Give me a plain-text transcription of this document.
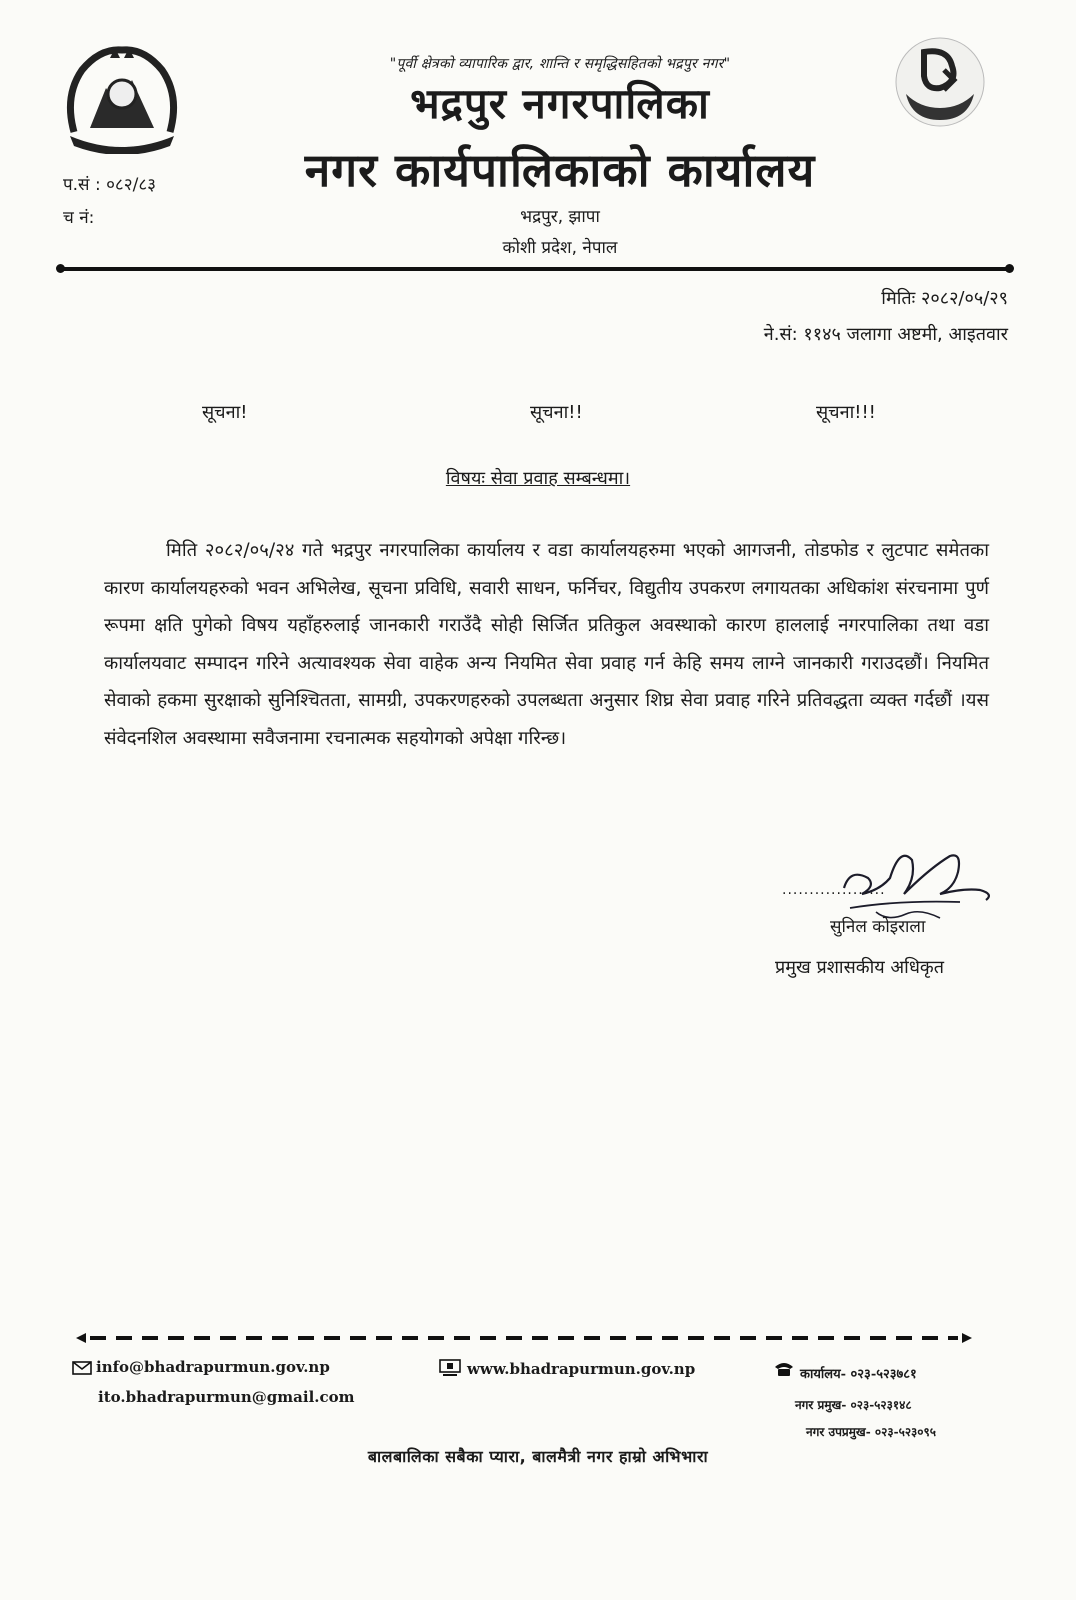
~~~~~
प.सं : ०८२/८३
च नं:
"पूर्वी क्षेत्रको व्यापारिक द्वार, शान्ति र समृद्धिसहितको भद्रपुर नगर"
भद्रपुर नगरपालिका
नगर कार्यपालिकाको कार्यालय
भद्रपुर, झापा
कोशी प्रदेश, नेपाल
मितिः २०८२/०५/२९
ने.सं: ११४५ जलागा अष्टमी, आइतवार
सूचना!	सूचना!!	सूचना!!!
विषयः सेवा प्रवाह सम्बन्धमा।

मिति २०८२/०५/२४ गते भद्रपुर नगरपालिका कार्यालय र वडा कार्यालयहरुमा भएको आगजनी, तोडफोड र लुटपाट समेतका कारण कार्यालयहरुको भवन अभिलेख, सूचना प्रविधि, सवारी साधन, फर्निचर, विद्युतीय उपकरण लगायतका अधिकांश संरचनामा पुर्ण रूपमा क्षति पुगेको विषय यहाँहरुलाई जानकारी गराउँदै सोही सिर्जित प्रतिकुल अवस्थाको कारण हाललाई नगरपालिका तथा वडा कार्यालयवाट सम्पादन गरिने अत्यावश्यक सेवा वाहेक अन्य नियमित सेवा प्रवाह गर्न केहि समय लाग्ने जानकारी गराउदछौं। नियमित सेवाको हकमा सुरक्षाको सुनिश्चितता, सामग्री, उपकरणहरुको उपलब्धता अनुसार शिघ्र सेवा प्रवाह गरिने प्रतिवद्धता व्यक्त गर्दछौं ।यस संवेदनशिल अवस्थामा सवैजनामा रचनात्मक सहयोगको अपेक्षा गरिन्छ।

...................
सुनिल कोइराला
प्रमुख प्रशासकीय अधिकृत
info@bhadrapurmun.gov.np
ito.bhadrapurmun@gmail.com
www.bhadrapurmun.gov.np	कार्यालय- ०२३-५२३७८१
नगर प्रमुख- ०२३-५२३१४८
नगर उपप्रमुख- ०२३-५२३०९५
बालबालिका सबैका प्यारा, बालमैत्री नगर हाम्रो अभिभारा
